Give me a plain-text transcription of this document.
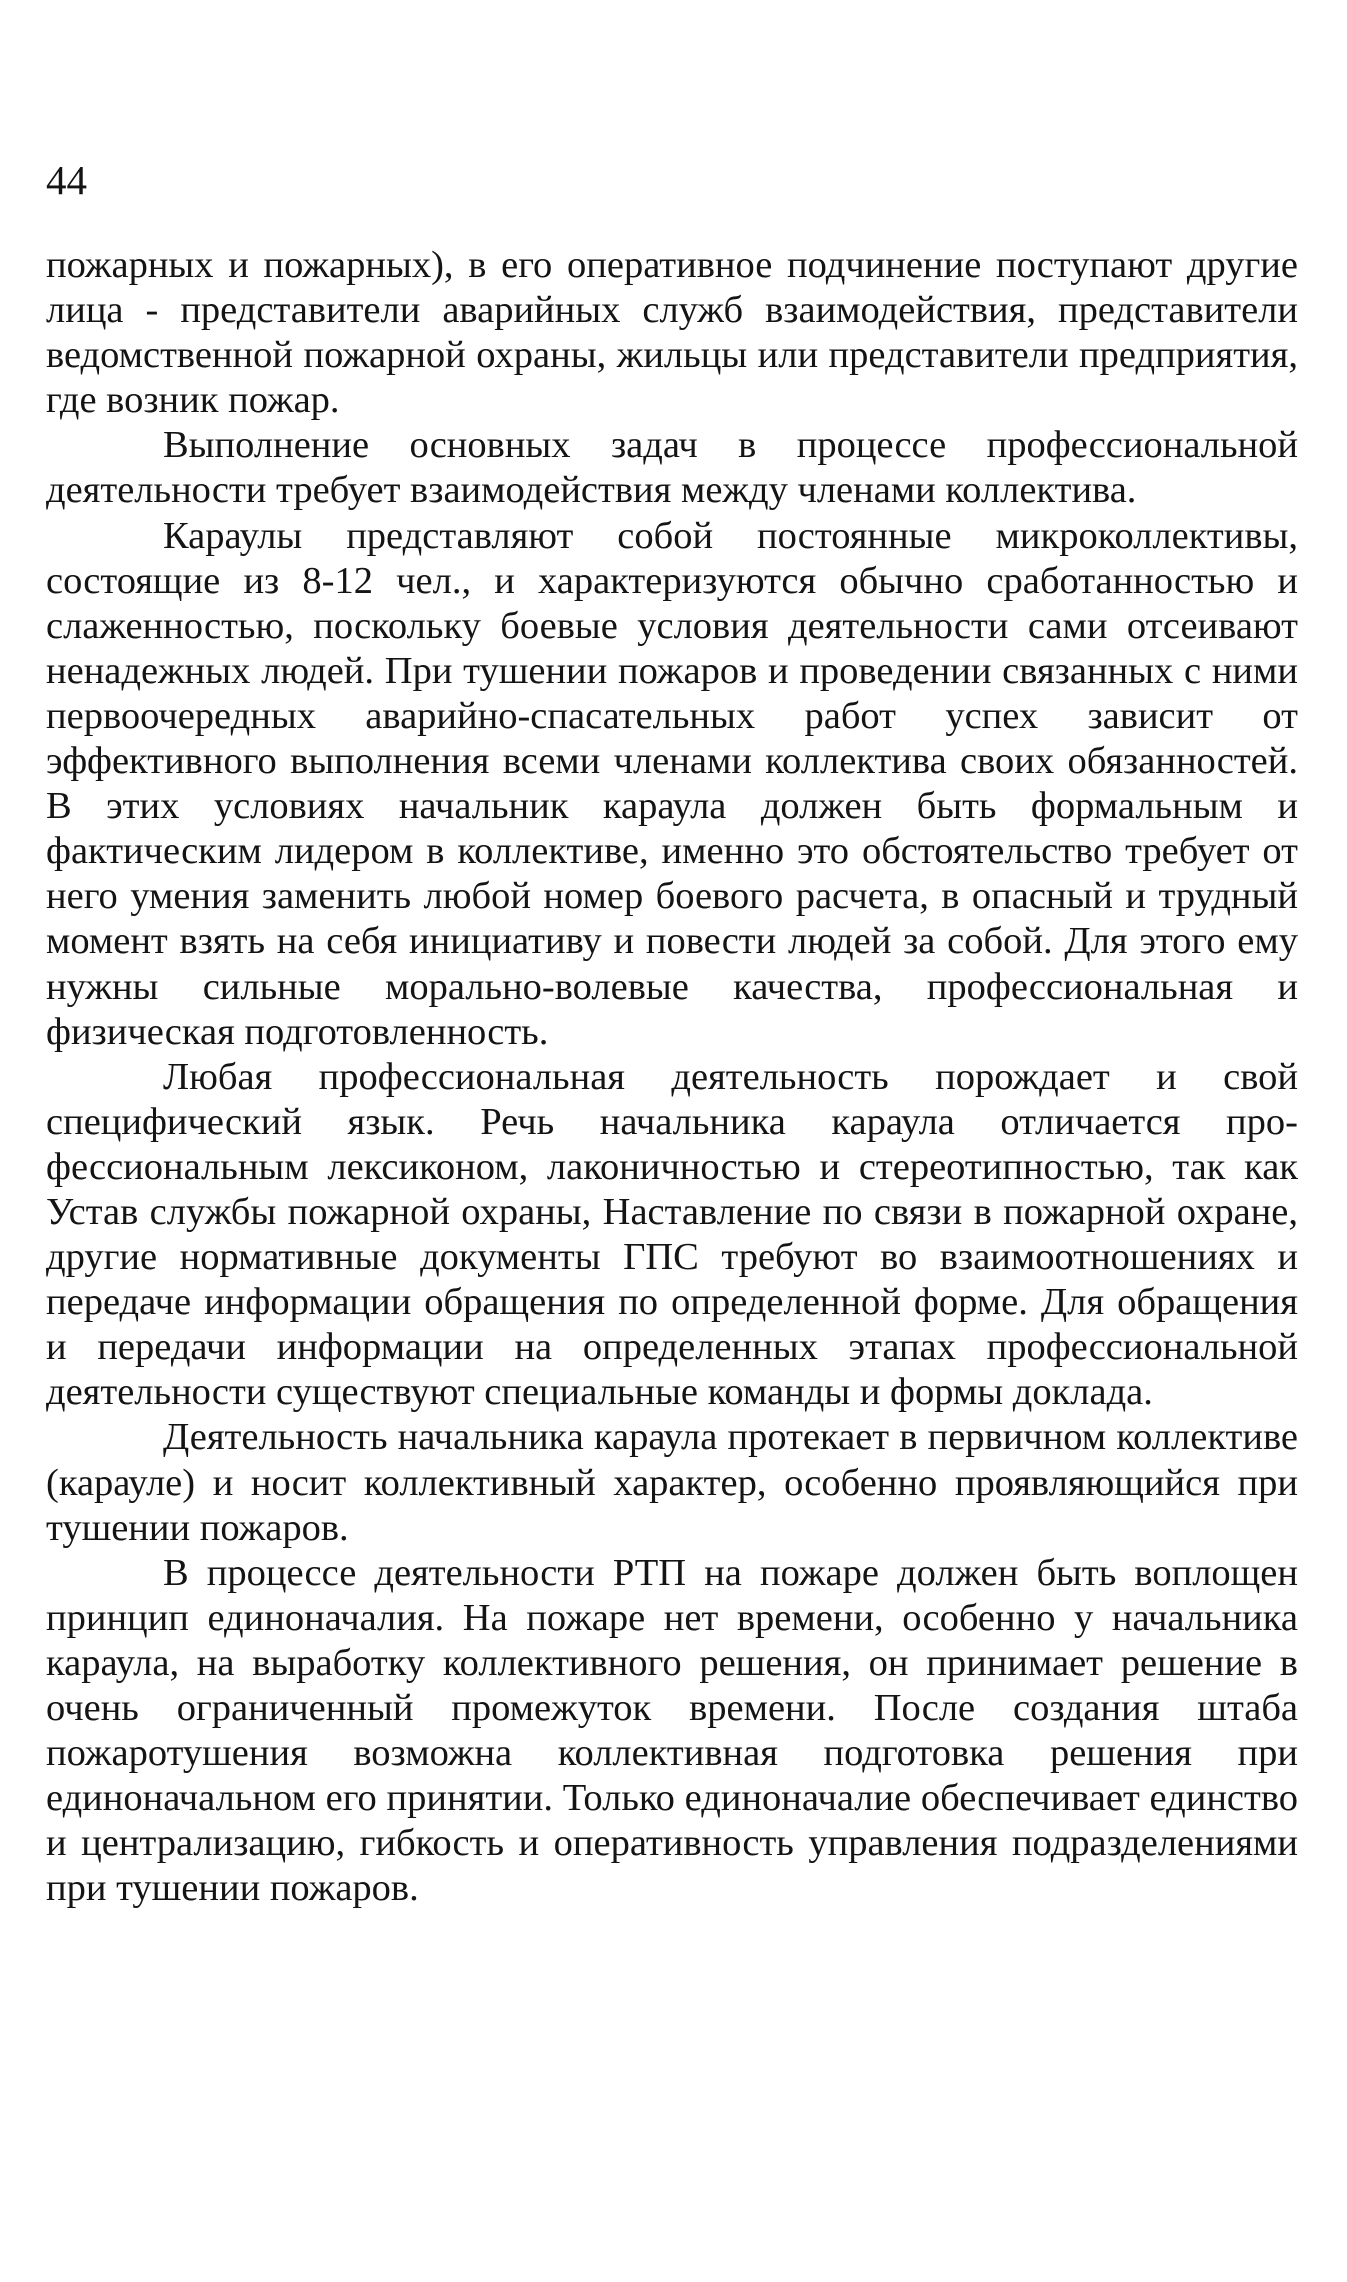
44

пожарных и пожарных), в его оперативное подчинение поступают другие лица - представители аварийных служб взаимодействия, представители ведомственной пожарной охраны, жильцы или представители предприятия, где возник пожар.

Выполнение основных задач в процессе профессиональной деятельности требует взаимодействия между членами коллектива.

Караулы представляют собой постоянные микроколлективы, состоящие из 8-12 чел., и характеризуются обычно сработанностью и слаженностью, поскольку боевые условия деятельности сами отсеивают ненадежных людей. При тушении пожаров и проведении связанных с ними первоочередных аварийно-спасательных работ успех зависит от эффективного выполнения всеми членами коллектива своих обязанностей. В этих условиях начальник караула должен быть формальным и фактическим лидером в коллективе, именно это обстоятельство требует от него умения заменить любой номер боевого расчета, в опасный и трудный момент взять на себя инициативу и повести людей за собой. Для этого ему нужны сильные морально-волевые качества, профессиональная и физическая подготовленность.

Любая профессиональная деятельность порождает и свой специфический язык. Речь начальника караула отличается профессиональным лексиконом, лаконичностью и стереотипностью, так как Устав службы пожарной охраны, Наставление по связи в пожарной охране, другие нормативные документы ГПС требуют во взаимоотношениях и передаче информации обращения по определенной форме. Для обращения и передачи информации на определенных этапах профессиональной деятельности существуют специальные команды и формы доклада.

Деятельность начальника караула протекает в первичном коллективе (карауле) и носит коллективный характер, особенно проявляющийся при тушении пожаров.

В процессе деятельности РТП на пожаре должен быть воплощен принцип единоначалия. На пожаре нет времени, особенно у начальника караула, на выработку коллективного решения, он принимает решение в очень ограниченный промежуток времени. После создания штаба пожаротушения возможна коллективная подготовка решения при единоначальном его принятии. Только единоначалие обеспечивает единство и централизацию, гибкость и оперативность управления подразделениями при тушении пожаров.
